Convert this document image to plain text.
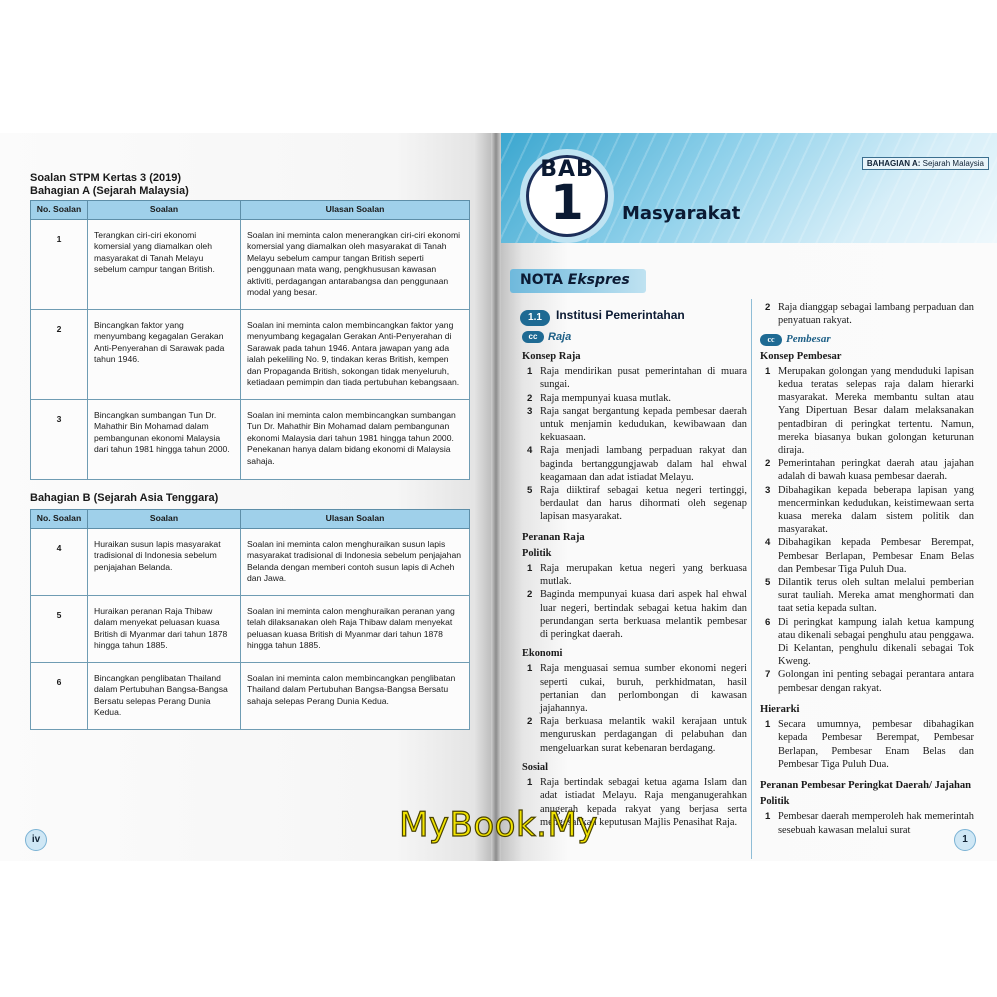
Soalan STPM Kertas 3 (2019)
Bahagian A (Sejarah Malaysia)
No. Soalan	Soalan	Ulasan Soalan
1	Terangkan ciri-ciri ekonomi komersial yang diamalkan oleh masyarakat di Tanah Melayu sebelum campur tangan British.	Soalan ini meminta calon menerangkan ciri-ciri ekonomi komersial yang diamalkan oleh masyarakat di Tanah Melayu sebelum campur tangan British seperti penggunaan mata wang, pengkhususan kawasan aktiviti, perdagangan antarabangsa dan penggunaan modal yang besar.
2	Bincangkan faktor yang menyumbang kegagalan Gerakan Anti-Penyerahan di Sarawak pada tahun 1946.	Soalan ini meminta calon membincangkan faktor yang menyumbang kegagalan Gerakan Anti-Penyerahan di Sarawak pada tahun 1946. Antara jawapan yang ada ialah pekeliling No. 9, tindakan keras British, kempen dan Propaganda British, sokongan tidak menyeluruh, ketiadaan pemimpin dan tiada pertubuhan kebangsaan.
3	Bincangkan sumbangan Tun Dr. Mahathir Bin Mohamad dalam pembangunan ekonomi Malaysia dari tahun 1981 hingga tahun 2000.	Soalan ini meminta calon membincangkan sumbangan Tun Dr. Mahathir Bin Mohamad dalam pembangunan ekonomi Malaysia dari tahun 1981 hingga tahun 2000. Penekanan hanya dalam bidang ekonomi di Malaysia sahaja.
Bahagian B (Sejarah Asia Tenggara)
No. Soalan	Soalan	Ulasan Soalan
4	Huraikan susun lapis masyarakat tradisional di Indonesia sebelum penjajahan Belanda.	Soalan ini meminta calon menghuraikan susun lapis masyarakat tradisional di Indonesia sebelum penjajahan Belanda dengan memberi contoh susun lapis di Acheh dan Jawa.
5	Huraikan peranan Raja Thibaw dalam menyekat peluasan kuasa British di Myanmar dari tahun 1878 hingga tahun 1885.	Soalan ini meminta calon menghuraikan peranan yang telah dilaksanakan oleh Raja Thibaw dalam menyekat peluasan kuasa British di Myanmar dari tahun 1878 hingga tahun 1885.
6	Bincangkan penglibatan Thailand dalam Pertubuhan Bangsa-Bangsa Bersatu selepas Perang Dunia Kedua.	Soalan ini meminta calon membincangkan penglibatan Thailand dalam Pertubuhan Bangsa-Bangsa Bersatu sahaja selepas Perang Dunia Kedua.
iv
BAB
1	Masyarakat
BAHAGIAN A: Sejarah Malaysia
NOTA Ekspres
1.1	Institusi Pemerintahan
cc Raja
Konsep Raja
1 Raja mendirikan pusat pemerintahan di muara sungai.
2 Raja mempunyai kuasa mutlak.
3 Raja sangat bergantung kepada pembesar daerah untuk menjamin kedudukan, kewibawaan dan kekuasaan.
4 Raja menjadi lambang perpaduan rakyat dan baginda bertanggungjawab dalam hal ehwal keagamaan dan adat istiadat Melayu.
5 Raja diiktiraf sebagai ketua negeri tertinggi, berdaulat dan harus dihormati oleh segenap lapisan masyarakat.
Peranan Raja
Politik
1 Raja merupakan ketua negeri yang berkuasa mutlak.
2 Baginda mempunyai kuasa dari aspek hal ehwal luar negeri, bertindak sebagai ketua hakim dan perundangan serta berkuasa melantik pembesar di peringkat daerah.
Ekonomi
1 Raja menguasai semua sumber ekonomi negeri seperti cukai, buruh, perkhidmatan, hasil pertanian dan perlombongan di kawasan jajahannya.
2 Raja berkuasa melantik wakil kerajaan untuk menguruskan perdagangan di pelabuhan dan mengeluarkan surat kebenaran berdagang.
Sosial
1 Raja bertindak sebagai ketua agama Islam dan adat istiadat Melayu. Raja menganugerahkan anugerah kepada rakyat yang berjasa serta mengesahkan keputusan Majlis Penasihat Raja.
2 Raja dianggap sebagai lambang perpaduan dan penyatuan rakyat.
cc	Pembesar
Konsep Pembesar
1 Merupakan golongan yang menduduki lapisan kedua teratas selepas raja dalam hierarki masyarakat. Mereka membantu sultan atau Yang Dipertuan Besar dalam melaksanakan pentadbiran di peringkat tertentu. Namun, mereka biasanya bukan golongan keturunan diraja.
2 Pemerintahan peringkat daerah atau jajahan adalah di bawah kuasa pembesar daerah.
3 Dibahagikan kepada beberapa lapisan yang mencerminkan kedudukan, keistimewaan serta kuasa mereka dalam sistem politik dan masyarakat.
4 Dibahagikan kepada Pembesar Berempat, Pembesar Berlapan, Pembesar Enam Belas dan Pembesar Tiga Puluh Dua.
5 Dilantik terus oleh sultan melalui pemberian surat tauliah. Mereka amat menghormati dan taat setia kepada sultan.
6 Di peringkat kampung ialah ketua kampung atau dikenali sebagai penghulu atau penggawa. Di Kelantan, penghulu dikenali sebagai Tok Kweng.
7 Golongan ini penting sebagai perantara antara pembesar dengan rakyat.
Hierarki
1 Secara umumnya, pembesar dibahagikan kepada Pembesar Berempat, Pembesar Berlapan, Pembesar Enam Belas dan Pembesar Tiga Puluh Dua.
Peranan Pembesar Peringkat Daerah/ Jajahan
Politik
1 Pembesar daerah memperoleh hak memerintah sesebuah kawasan melalui surat
1
MyBook.My
